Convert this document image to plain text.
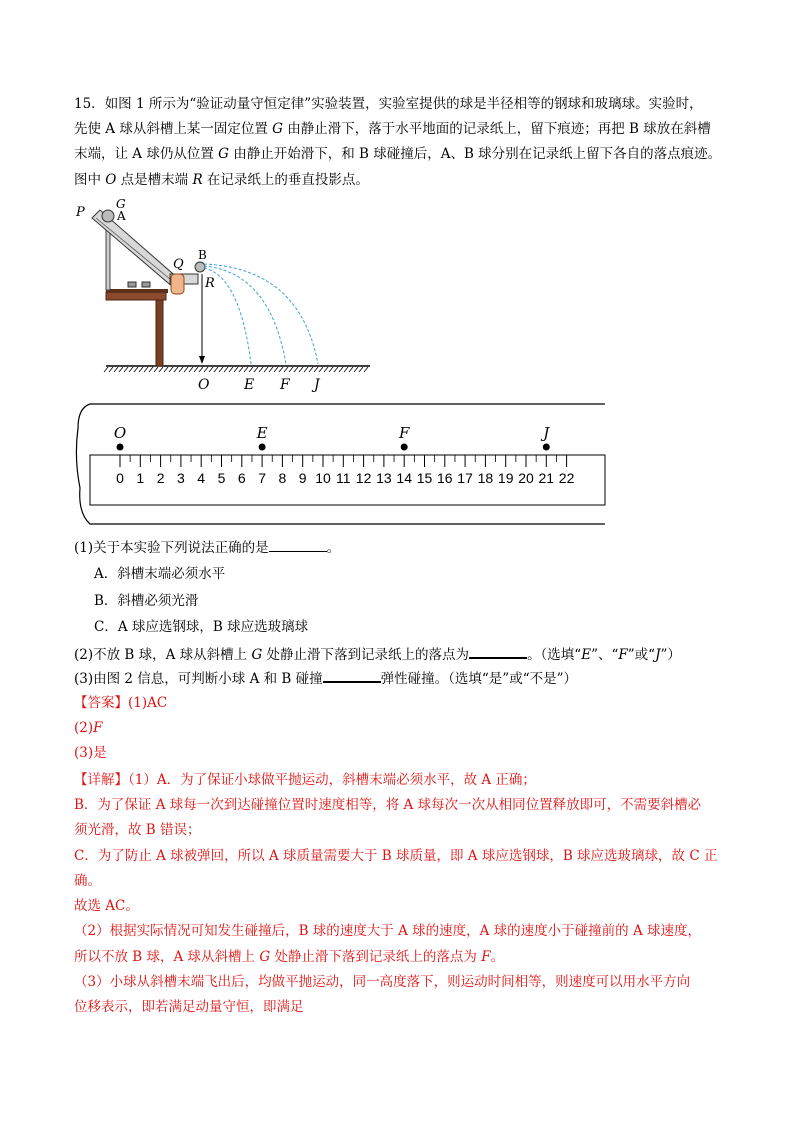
15．如图 1 所示为“验证动量守恒定律”实验装置，实验室提供的球是半径相等的钢球和玻璃球。实验时，
先使 A 球从斜槽上某一固定位置 G 由静止滑下，落于水平地面的记录纸上，留下痕迹；再把 B 球放在斜槽
末端，让 A 球仍从位置 G 由静止开始滑下，和 B 球碰撞后，A、B 球分别在记录纸上留下各自的落点痕迹。
图中 O 点是槽末端 R 在记录纸上的垂直投影点。
P
G
A
Q
B
R
O E F J
0 1 2 3 4 5 6 7 8 9 10 11 12 13 14 15 16 17 18 19 20 21 22
O	E	F	J
(1)关于本实验下列说法正确的是	。
A．斜槽末端必须水平
B．斜槽必须光滑
C．A 球应选钢球，B 球应选玻璃球
(2)不放 B 球，A 球从斜槽上 G 处静止滑下落到记录纸上的落点为	。（选填“E”、“F”或“J”）
(3)由图 2 信息，可判断小球 A 和 B 碰撞	弹性碰撞。（选填“是”或“不是”）
【答案】(1)AC
(2)F
(3)是
【详解】（1）A．为了保证小球做平抛运动，斜槽末端必须水平，故 A 正确；
B．为了保证 A 球每一次到达碰撞位置时速度相等，将 A 球每次一次从相同位置释放即可，不需要斜槽必
须光滑，故 B 错误；
C．为了防止 A 球被弹回，所以 A 球质量需要大于 B 球质量，即 A 球应选钢球，B 球应选玻璃球，故 C 正
确。
故选 AC。
（2）根据实际情况可知发生碰撞后，B 球的速度大于 A 球的速度，A 球的速度小于碰撞前的 A 球速度，
所以不放 B 球，A 球从斜槽上 G 处静止滑下落到记录纸上的落点为 F。
（3）小球从斜槽末端飞出后，均做平抛运动，同一高度落下，则运动时间相等，则速度可以用水平方向
位移表示，即若满足动量守恒，即满足
